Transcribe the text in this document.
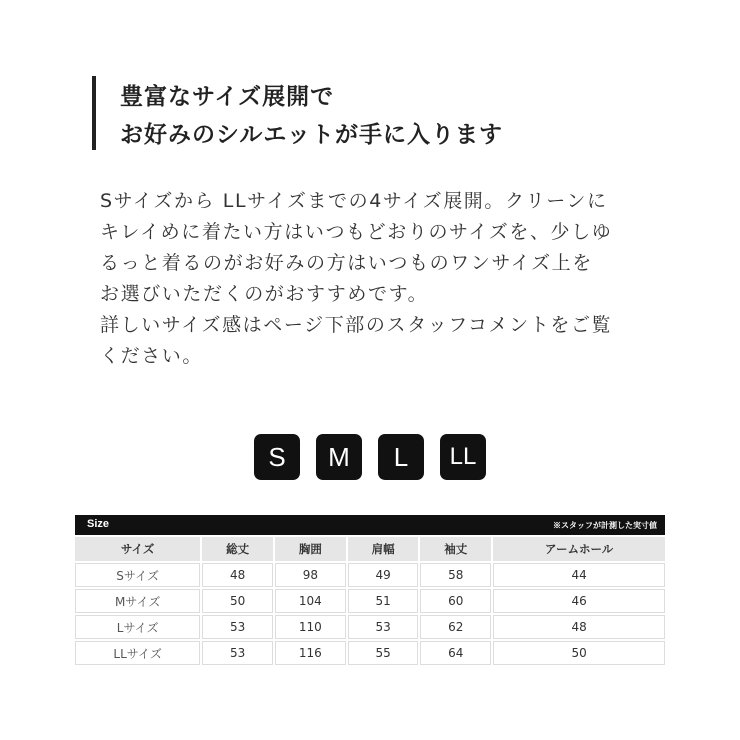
豊富なサイズ展開で
お好みのシルエットが手に入ります
Sサイズから LLサイズまでの4サイズ展開。クリーンに
キレイめに着たい方はいつもどおりのサイズを、少しゆ
るっと着るのがお好みの方はいつものワンサイズ上を
お選びいただくのがおすすめです。
詳しいサイズ感はページ下部のスタッフコメントをご覧
ください。
S	M	L	LL
Size	※スタッフが計測した実寸値
サイズ	総丈	胸囲	肩幅	袖丈	アームホール
Sサイズ	48	98	49	58	44
Mサイズ	50	104	51	60	46
Lサイズ	53	110	53	62	48
LLサイズ	53	116	55	64	50
